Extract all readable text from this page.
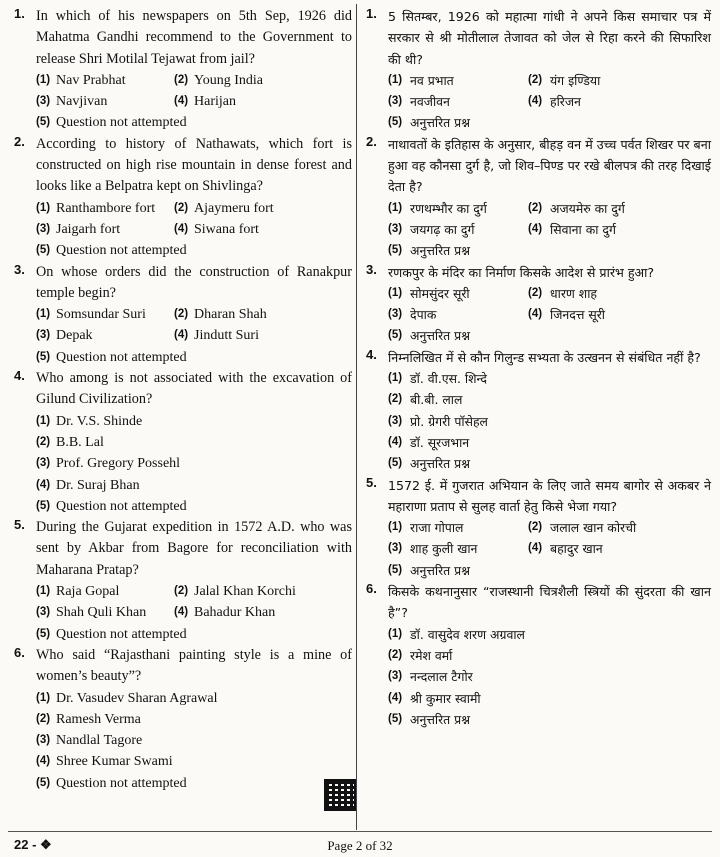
1. In which of his newspapers on 5th Sep, 1926 did Mahatma Gandhi recommend to the Government to release Shri Motilal Tejawat from jail?
(1) Nav Prabhat	(2) Young India
(3) Navjivan	(4) Harijan
(5) Question not attempted
2. According to history of Nathawats, which fort is constructed on high rise mountain in dense forest and looks like a Belpatra kept on Shivlinga?
(1) Ranthambore fort (2) Ajaymeru fort
(3) Jaigarh fort	(4) Siwana fort
(5) Question not attempted
3. On whose orders did the construction of Ranakpur temple begin?
(1) Somsundar Suri (2) Dharan Shah
(3) Depak	(4) Jindutt Suri
(5) Question not attempted
4. Who among is not associated with the excavation of Gilund Civilization?
(1) Dr. V.S. Shinde
(2) B.B. Lal
(3) Prof. Gregory Possehl
(4) Dr. Suraj Bhan
(5) Question not attempted
5. During the Gujarat expedition in 1572 A.D. who was sent by Akbar from Bagore for reconciliation with Maharana Pratap?
(1) Raja Gopal	(2) Jalal Khan Korchi
(3) Shah Quli Khan (4) Bahadur Khan
(5) Question not attempted
6. Who said “Rajasthani painting style is a mine of women’s beauty”?
(1) Dr. Vasudev Sharan Agrawal
(2) Ramesh Verma
(3) Nandlal Tagore
(4) Shree Kumar Swami
(5) Question not attempted
1. 5 सितम्बर, 1926 को महात्मा गांधी ने अपने किस समाचार पत्र में सरकार से श्री मोतीलाल तेजावत को जेल से रिहा करने की सिफारिश की थी?
(1) नव प्रभात	(2) यंग इण्डिया
(3) नवजीवन	(4) हरिजन
(5) अनुत्तरित प्रश्न
2. नाथावतों के इतिहास के अनुसार, बीहड़ वन में उच्च पर्वत शिखर पर बना हुआ वह कौनसा दुर्ग है, जो शिव–पिण्ड पर रखे बीलपत्र की तरह दिखाई देता है?
(1) रणथम्भौर का दुर्ग	(2) अजयमेरु का दुर्ग
(3) जयगढ़ का दुर्ग	(4) सिवाना का दुर्ग
(5) अनुत्तरित प्रश्न
3. रणकपुर के मंदिर का निर्माण किसके आदेश से प्रारंभ हुआ?
(1) सोमसुंदर सूरी	(2) धारण शाह
(3) देपाक	(4) जिनदत्त सूरी
(5) अनुत्तरित प्रश्न
4. निम्नलिखित में से कौन गिलुन्ड सभ्यता के उत्खनन से संबंधित नहीं है?
(1) डॉ. वी.एस. शिन्दे
(2) बी.बी. लाल
(3) प्रो. ग्रेगरी पॉसेहल
(4) डॉ. सूरजभान
(5) अनुत्तरित प्रश्न
5. 1572 ई. में गुजरात अभियान के लिए जाते समय बागोर से अकबर ने महाराणा प्रताप से सुलह वार्ता हेतु किसे भेजा गया?
(1) राजा गोपाल	(2) जलाल खान कोरची
(3) शाह कुली खान	(4) बहादुर खान
(5) अनुत्तरित प्रश्न
6. किसके कथनानुसार “राजस्थानी चित्रशैली स्त्रियों की सुंदरता की खान है”?
(1) डॉ. वासुदेव शरण अग्रवाल
(2) रमेश वर्मा
(3) नन्दलाल टैगोर
(4) श्री कुमार स्वामी
(5) अनुत्तरित प्रश्न
22 - ❖	Page 2 of 32
